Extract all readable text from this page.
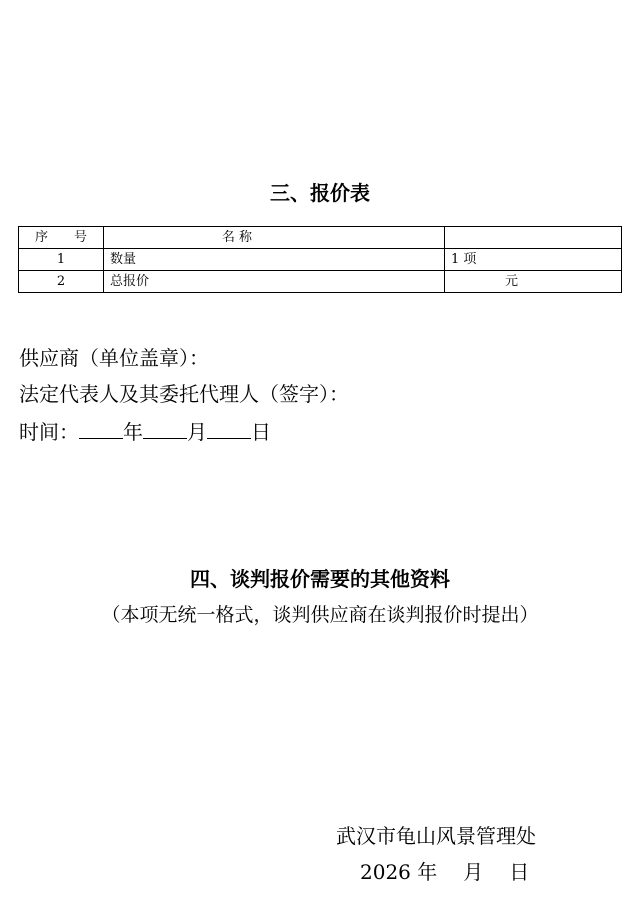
三、报价表
序　　号	名 称	
1	数量	1 项
2	总报价	元
供应商（单位盖章）：
法定代表人及其委托代理人（签字）：
时间： 年 月 日
四、谈判报价需要的其他资料
（本项无统一格式，谈判供应商在谈判报价时提出）
武汉市龟山风景管理处
2026 年 月 日
